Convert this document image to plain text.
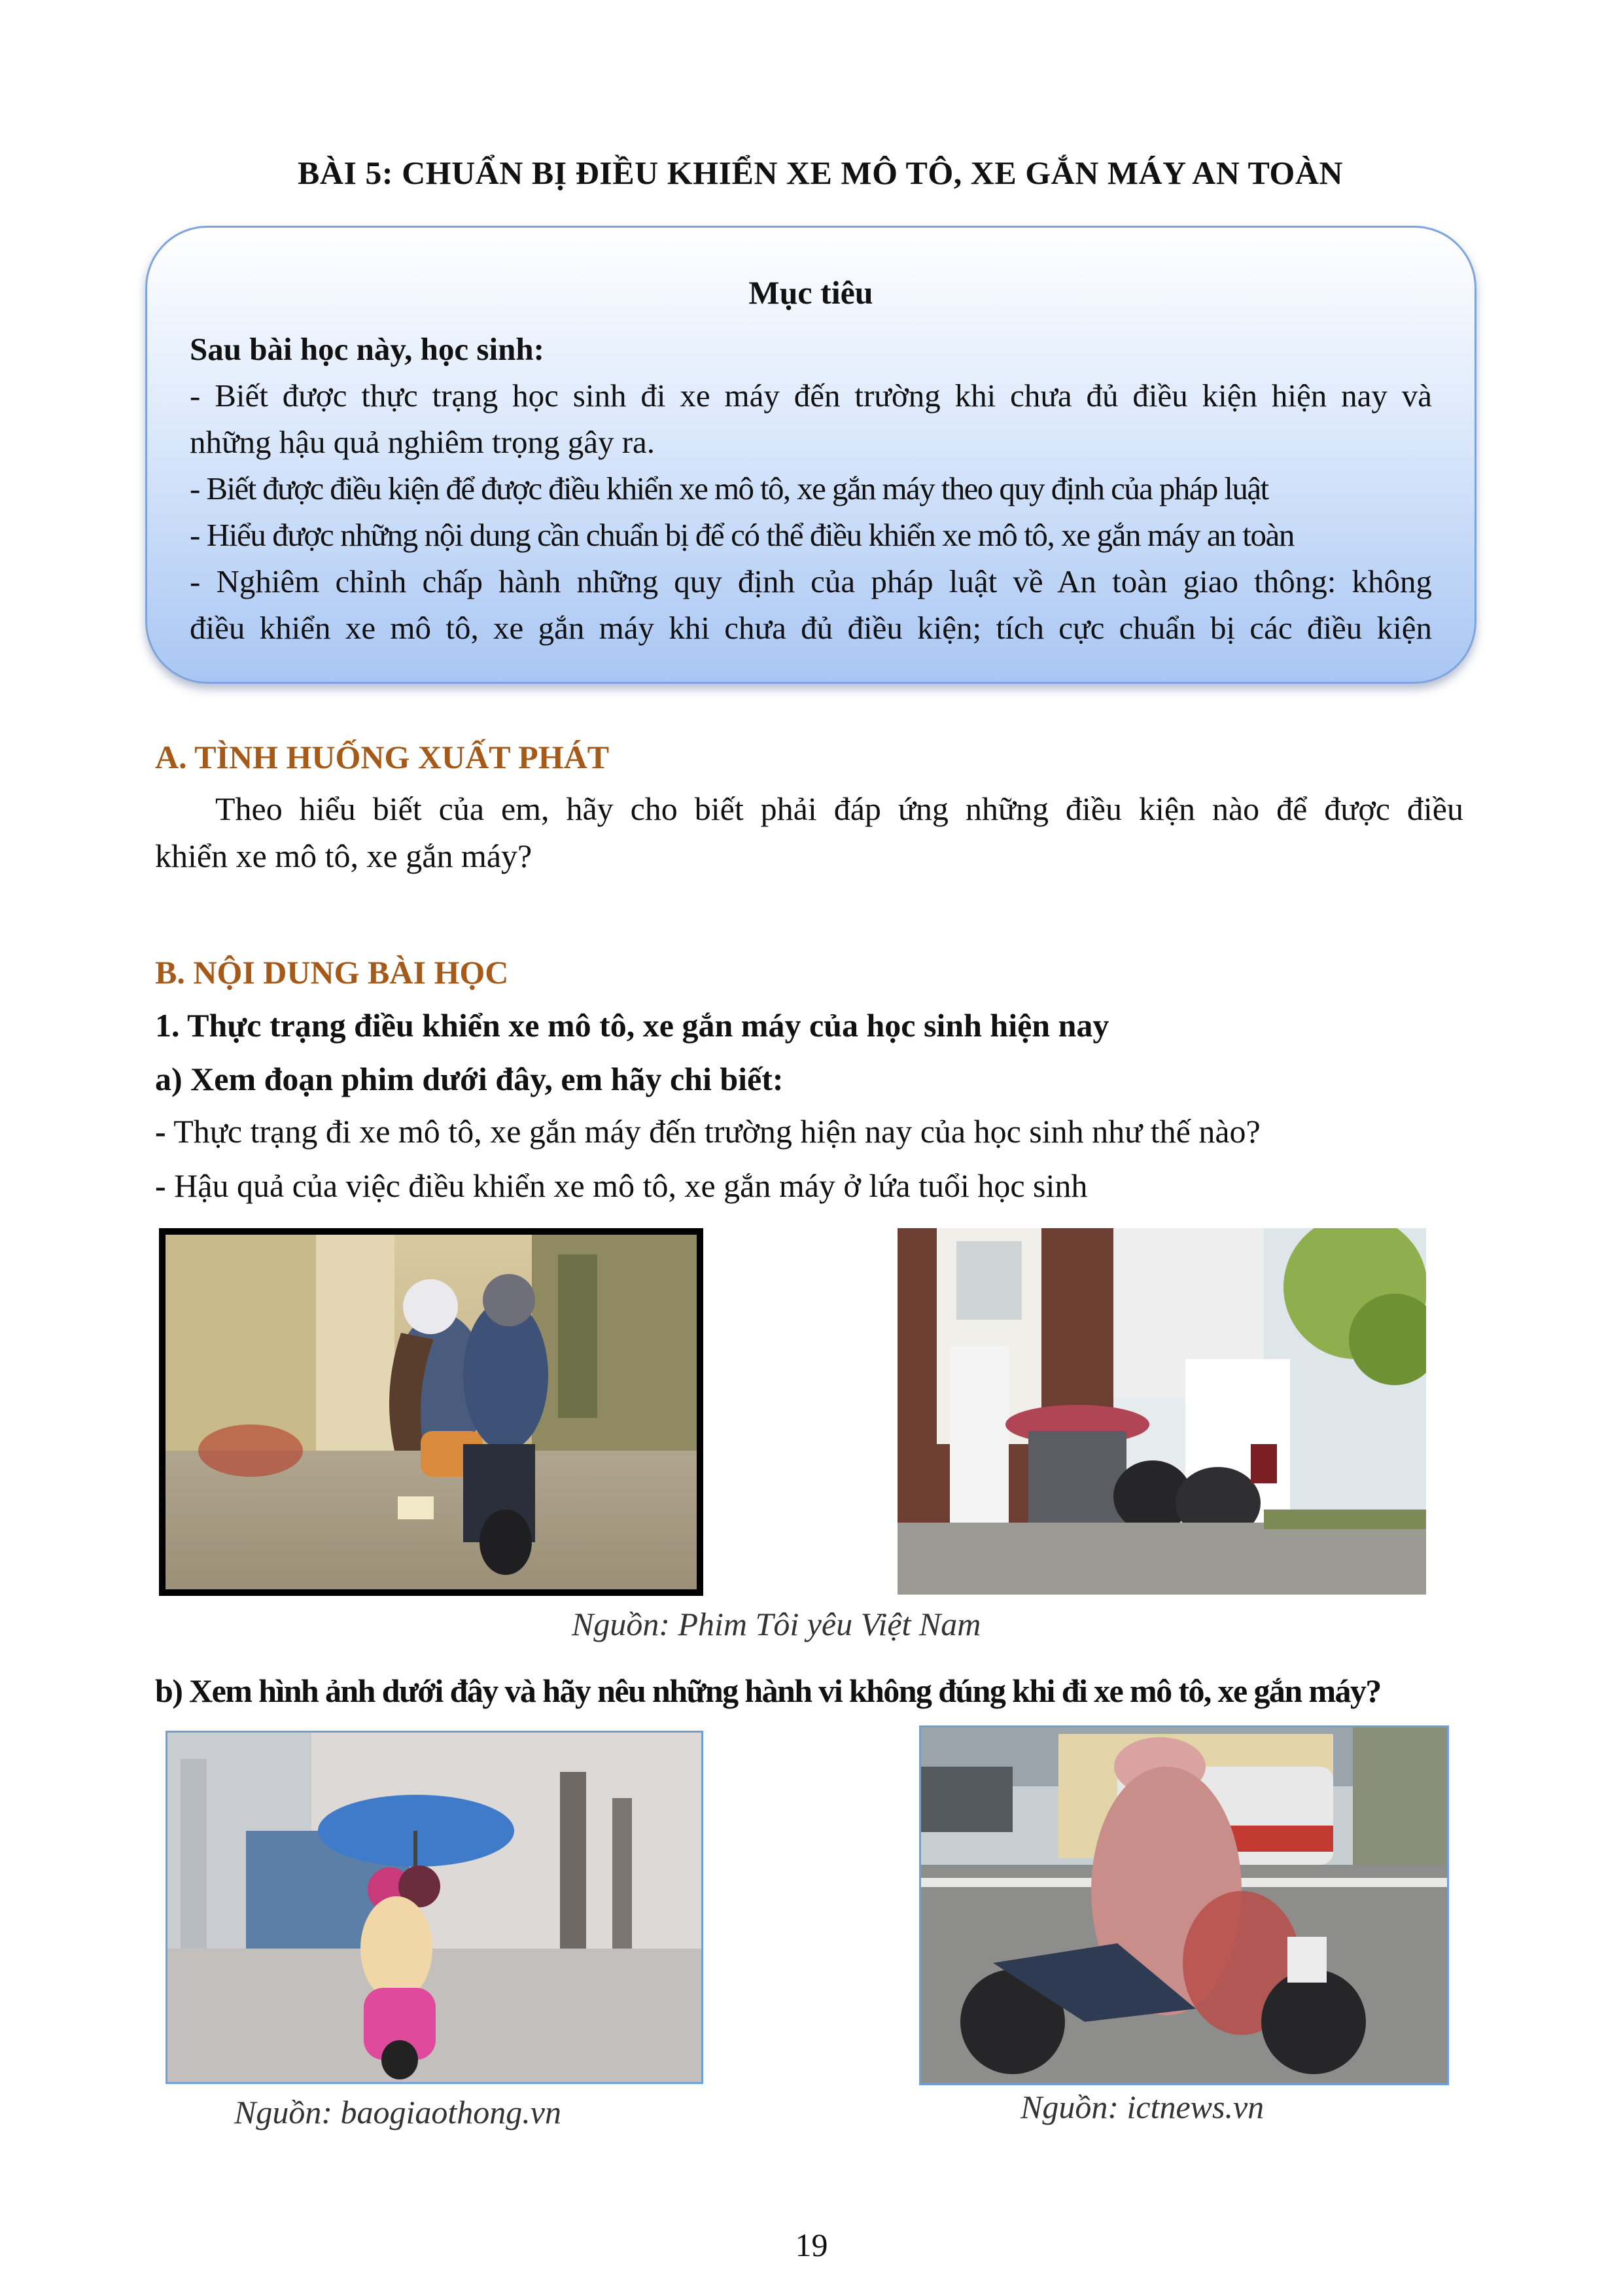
BÀI 5: CHUẨN BỊ ĐIỀU KHIỂN XE MÔ TÔ, XE GẮN MÁY AN TOÀN
Mục tiêu
Sau bài học này, học sinh:
- Biết được thực trạng học sinh đi xe máy đến trường khi chưa đủ điều kiện hiện nay và
những hậu quả nghiêm trọng gây ra.
- Biết được điều kiện để được điều khiển xe mô tô, xe gắn máy theo quy định của pháp luật
- Hiểu được những nội dung cần chuẩn bị để có thể điều khiển xe mô tô, xe gắn máy an toàn
- Nghiêm chỉnh chấp hành những quy định của pháp luật về An toàn giao thông: không
điều khiển xe mô tô, xe gắn máy khi chưa đủ điều kiện; tích cực chuẩn bị các điều kiện
A. TÌNH HUỐNG XUẤT PHÁT
Theo hiểu biết của em, hãy cho biết phải đáp ứng những điều kiện nào để được điều
khiển xe mô tô, xe gắn máy?
B. NỘI DUNG BÀI HỌC
1. Thực trạng điều khiển xe mô tô, xe gắn máy của học sinh hiện nay
a) Xem đoạn phim dưới đây, em hãy chi biết:
- Thực trạng đi xe mô tô, xe gắn máy đến trường hiện nay của học sinh như thế nào?
- Hậu quả của việc điều khiển xe mô tô, xe gắn máy ở lứa tuổi học sinh
Nguồn: Phim Tôi yêu Việt Nam
b) Xem hình ảnh dưới đây và hãy nêu những hành vi không đúng khi đi xe mô tô, xe gắn máy?
Nguồn: baogiaothong.vn	Nguồn: ictnews.vn
19
